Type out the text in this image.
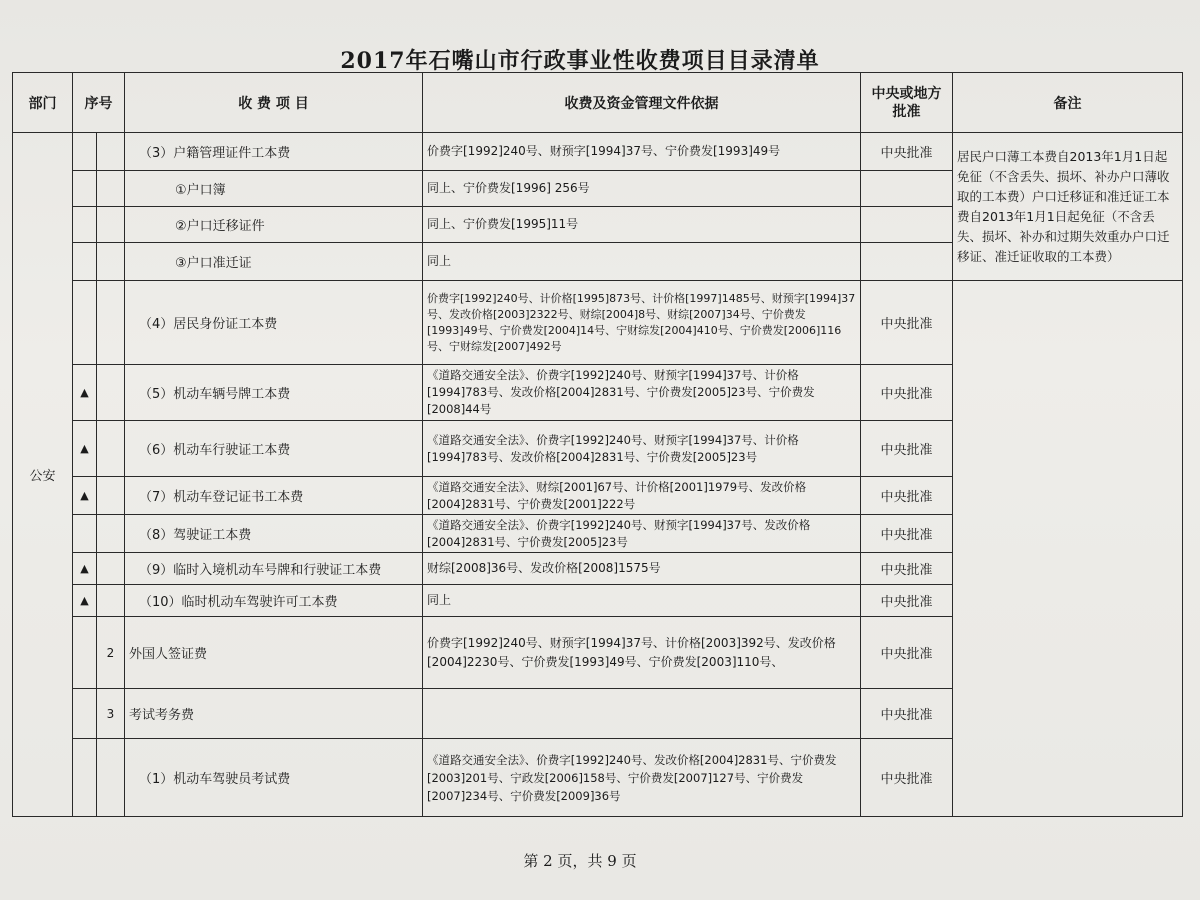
2017年石嘴山市行政事业性收费项目目录清单
部门	序号		收 费 项 目	收费及资金管理文件依据	中央或地方批准	备注

公安			（3）户籍管理证件工本费	价费字[1992]240号、财预字[1994]37号、宁价费发[1993]49号	中央批准	居民户口薄工本费自2013年1月1日起免征（不含丢失、损坏、补办户口薄收取的工本费）户口迁移证和准迁证工本费自2013年1月1日起免征（不含丢失、损坏、补办和过期失效重办户口迁移证、准迁证收取的工本费）
			①户口簿	同上、宁价费发[1996] 256号		
			②户口迁移证件	同上、宁价费发[1995]11号		
			③户口准迁证	同上		
			（4）居民身份证工本费	价费字[1992]240号、计价格[1995]873号、计价格[1997]1485号、财预字[1994]37号、发改价格[2003]2322号、财综[2004]8号、财综[2007]34号、宁价费发[1993]49号、宁价费发[2004]14号、宁财综发[2004]410号、宁价费发[2006]116号、宁财综发[2007]492号	中央批准	
	▲		（5）机动车辆号牌工本费	《道路交通安全法》、价费字[1992]240号、财预字[1994]37号、计价格[1994]783号、发改价格[2004]2831号、宁价费发[2005]23号、宁价费发[2008]44号	中央批准	
	▲		（6）机动车行驶证工本费	《道路交通安全法》、价费字[1992]240号、财预字[1994]37号、计价格[1994]783号、发改价格[2004]2831号、宁价费发[2005]23号	中央批准	
	▲		（7）机动车登记证书工本费	《道路交通安全法》、财综[2001]67号、计价格[2001]1979号、发改价格[2004]2831号、宁价费发[2001]222号	中央批准	
			（8）驾驶证工本费	《道路交通安全法》、价费字[1992]240号、财预字[1994]37号、发改价格[2004]2831号、宁价费发[2005]23号	中央批准	
	▲		（9）临时入境机动车号牌和行驶证工本费	财综[2008]36号、发改价格[2008]1575号	中央批准	
	▲		（10）临时机动车驾驶许可工本费	同上	中央批准	
		2	外国人签证费	价费字[1992]240号、财预字[1994]37号、计价格[2003]392号、发改价格[2004]2230号、宁价费发[1993]49号、宁价费发[2003]110号、	中央批准	
		3	考试考务费		中央批准	
			（1）机动车驾驶员考试费	《道路交通安全法》、价费字[1992]240号、发改价格[2004]2831号、宁价费发[2003]201号、宁政发[2006]158号、宁价费发[2007]127号、宁价费发[2007]234号、宁价费发[2009]36号	中央批准	
第 2 页，共 9 页
